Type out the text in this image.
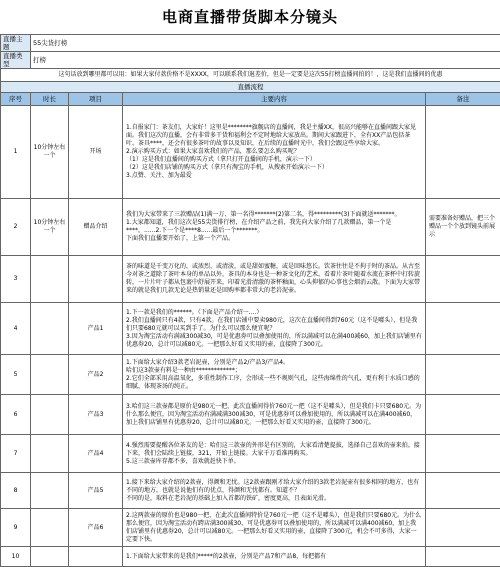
电商直播带货脚本分镜头
直播主题	55尖货打榜			
直播类型	打榜			
这句话放到哪里都可以用：如果大家付款价格不是XXXX，可以联系我们退差价，但是一定要是这次55打榜直播间拍的！，这是我们直播间的优惠				
直播流程				
序号	时长	项目	主要内容	备注
1	10分钟左右一个	开场	1.自报家门：茶友们，大家好！这里是********旗舰店的直播间，我是主播XX，很高兴能够在直播间跟大家见面。我们这次的直播，会有非常多干货和福利会不定时地给大家放出。期间大家跟进下，全有XX产品包括茶叶、茶具****，还会有很多茶叶的故事以及知识，在后续的直播时光中，我们会跟这些享给大家。

2.演示购买方式：如果大家喜欢我们的产品，那么要怎么购买呢？

（1）这是我们直播间的购买方式（拿只打开直播间的手机，演示一下）

（2）这是我们店铺的购买方式（拿只有淘宝的手机，从搜索开始演示一下）

3.点赞、关注、加为最爱	

2	10分钟左右一个	赠品介绍	我们为大家带来了三款赠品(1)满一万、第一名得*******(2)第二名，得*********(3)下面就送*******。

1.大家都知道，我们这次是55尖货排行榜，在介绍产品之前，我先向大家介绍了几款赠品，第一个是****，......2.下一个是****8......最后一个*******。

下面我们直播要开始了，上第一个产品。	需要准备好赠品，把三个赠品一个个放到镜头前展示
3			茶的味道是千变万化的，或浓烈、或清淡，或是甜如蜜糖，或是回味悠长。饮茶往往是不拘于时的茶品。从古至今对茶之道除了茶叶本身的单品以外，茶具的本身也是一种茶文化的艺术。看着片茶叶随着水流在茶杯中打转旋转，一片片叶子都从包裹中舒展开来，印着光滑清澈的茶杯釉面，心头抑郁的心事也会烟消云散。下面为大家带来的就是我们几款无论是热销量还是回购率都非常大的老岩泥壶。	

4		产品1	1.下一款是我们的******。（下面是产品介绍一....）

2.我们直播间只有4款，只有4款。在我们店铺中要卖980元，这次在直播间得到760元（这不是噱头），但是我们只要680元就可以买到手了。为什么可以那么便宜呢？

3.因为淘宝活动有满减300减30，可是优惠券可以叠加使用的，所以满减可以在满400减60，加上我们店铺里有优惠券20，总计可以减80元。一把那么好看又实用的壶，直接降了300元。	

5		产品2	1.下面给大家介绍3款老岩泥壶，分别是产品2/产品3/产品4。

哈们这3款壶有料是一种由*************；

2.它们全部采用高温氧化，多重性制作工序，会形成一些不规则气孔，这些海绵性的气孔，更有利于水质口感的细腻，体现茶汤的纯正。	

6		产品3	3.哈们这三款壶都是原价是980元一把，此次直播间得价760元一把（这不是噱头），但是我们卡只要680元。为什么那么便宜，因为淘宝活动有满减满300减30，可是优惠券可以叠加使用的，所以满减可以在满400减60，加上我们店铺里有优惠券20，总计可以减80元。一把那么好看又实用的壶，直接降了300元。	

7		产品4	4.强烈需要提醒各位茶友的是：哈们这三款壶的外形是有区别的，大家看清楚提拔，选择自己喜欢的壶来拍。接下来，我们会陆续上链接，321，开始上链接。大家千万看准再购买。

5.这三款壶库存都不多，喜欢就赶快下单。	

8		产品5	1.接下来给大家介绍的2款壶，得颜和无忧。这2款壶跟刚才给大家介绍的3款老岩泥壶有很多相同的地方，也有不同的地方，也就是说他们有的优点，得颜和无忧都有。知道不？

不同的是，取料在老岩泥的基础上加入首都的铁矿，密度更高，且表面光滑。	

9		产品6	2.这两款壶的原价也是980一把，在此次直播间特价是760元一把（这不是噱头），但是我们只要680元。为什么那么便宜，因为淘宝活动有跨店满300减30，可是优惠券可以叠加使用的，所以满减可以满400减60，加上我们店铺里有优惠券20，总计可以减80元。一把那么好看又实用的壶，直接降了300元，机会不可多得，大家一定要下快。	

10			1.下面给大家带来的是我们*****的2款壶，分别是产品7和产品8，每把都有	
